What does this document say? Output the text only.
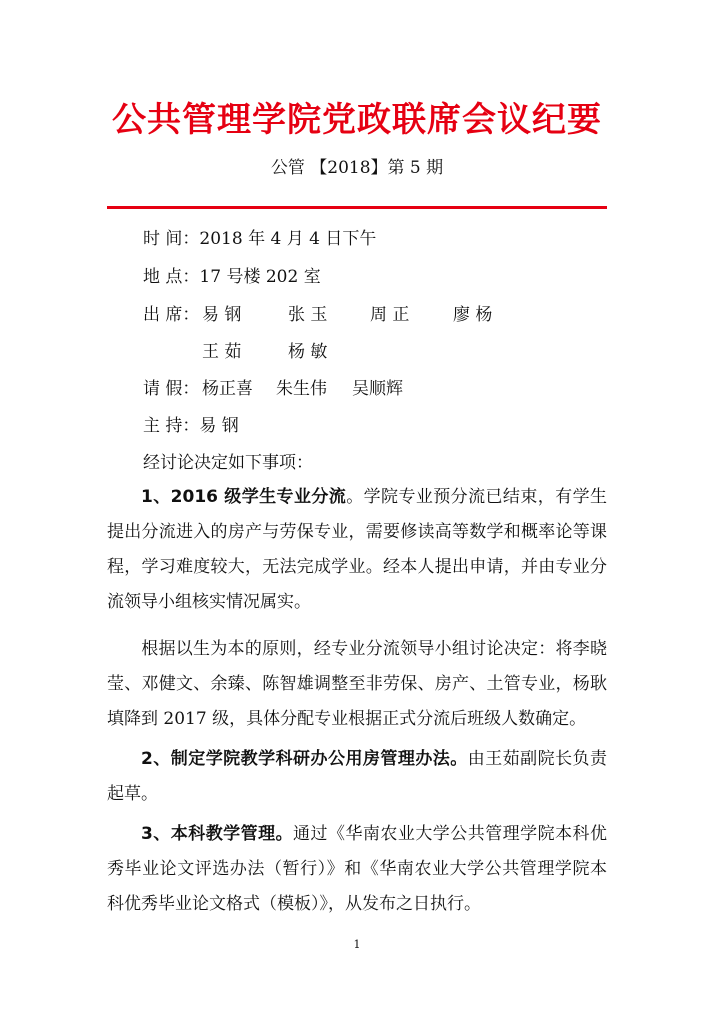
公共管理学院党政联席会议纪要
公管 【2018】第 5 期
时 间：2018 年 4 月 4 日下午
地 点：17 号楼 202 室
出 席： 易 钢	张 玉	周 正	廖 杨
王 茹	杨 敏
请 假： 杨正喜 朱生伟 吴顺辉
主 持：易 钢
经讨论决定如下事项：
1、2016 级学生专业分流。学院专业预分流已结束，有学生提出分流进入的房产与劳保专业，需要修读高等数学和概率论等课程，学习难度较大，无法完成学业。经本人提出申请，并由专业分流领导小组核实情况属实。
根据以生为本的原则，经专业分流领导小组讨论决定：将李晓莹、邓健文、余臻、陈智雄调整至非劳保、房产、土管专业，杨耿填降到 2017 级，具体分配专业根据正式分流后班级人数确定。
2、制定学院教学科研办公用房管理办法。由王茹副院长负责起草。
3、本科教学管理。通过《华南农业大学公共管理学院本科优秀毕业论文评选办法（暂行）》和《华南农业大学公共管理学院本科优秀毕业论文格式（模板）》，从发布之日执行。
1
